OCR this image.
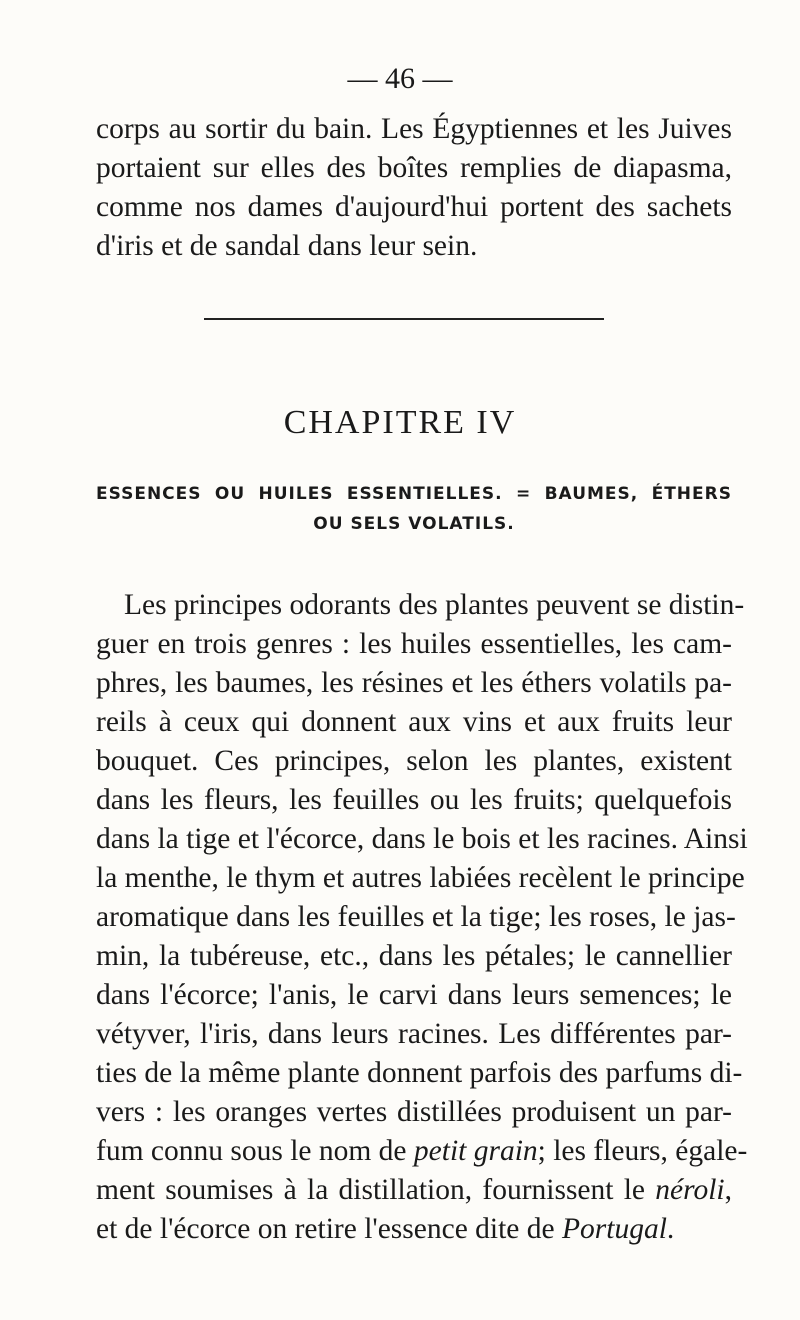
— 46 —
corps au sortir du bain. Les Égyptiennes et les Juives
portaient sur elles des boîtes remplies de diapasma,
comme nos dames d'aujourd'hui portent des sachets
d'iris et de sandal dans leur sein.
CHAPITRE IV
ESSENCES OU HUILES ESSENTIELLES. = BAUMES, ÉTHERS
OU SELS VOLATILS.
Les principes odorants des plantes peuvent se distin-
guer en trois genres : les huiles essentielles, les cam-
phres, les baumes, les résines et les éthers volatils pa-
reils à ceux qui donnent aux vins et aux fruits leur
bouquet. Ces principes, selon les plantes, existent
dans les fleurs, les feuilles ou les fruits; quelquefois
dans la tige et l'écorce, dans le bois et les racines. Ainsi
la menthe, le thym et autres labiées recèlent le principe
aromatique dans les feuilles et la tige; les roses, le jas-
min, la tubéreuse, etc., dans les pétales; le cannellier
dans l'écorce; l'anis, le carvi dans leurs semences; le
vétyver, l'iris, dans leurs racines. Les différentes par-
ties de la même plante donnent parfois des parfums di-
vers : les oranges vertes distillées produisent un par-
fum connu sous le nom de petit grain; les fleurs, égale-
ment soumises à la distillation, fournissent le néroli,
et de l'écorce on retire l'essence dite de Portugal.
